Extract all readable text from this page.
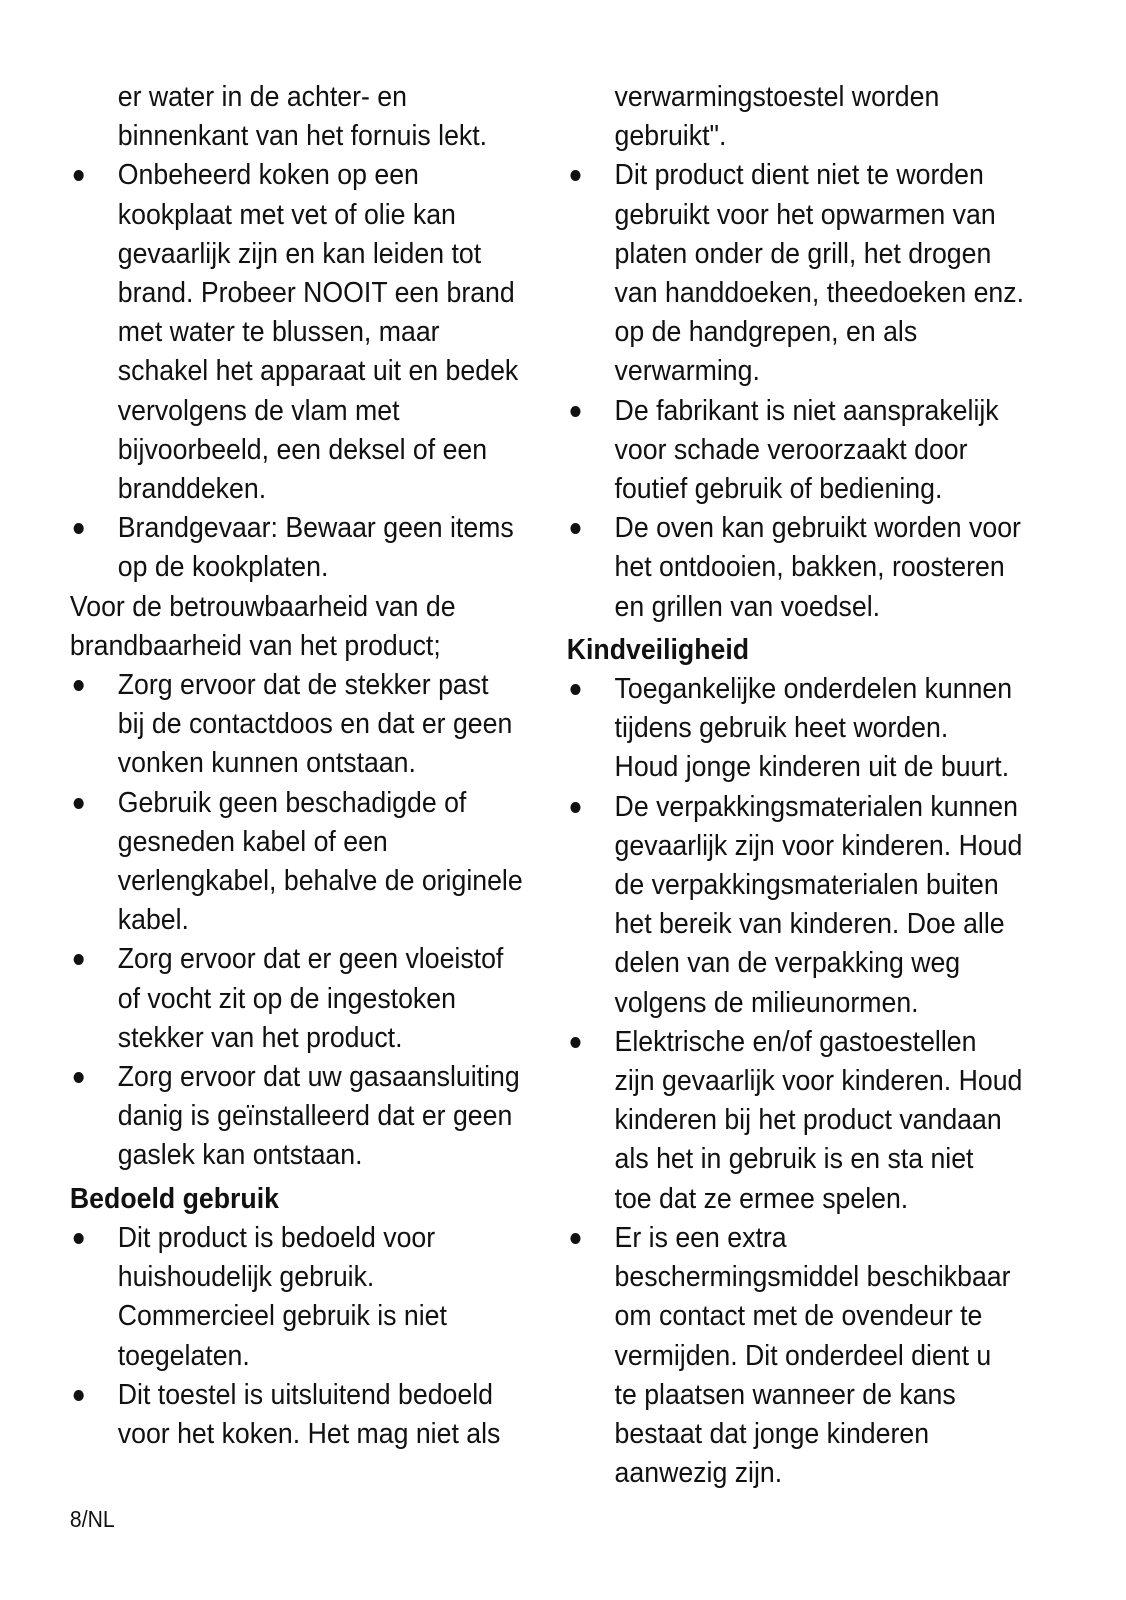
er water in de achter- en
binnenkant van het fornuis lekt.
Onbeheerd koken op een
kookplaat met vet of olie kan
gevaarlijk zijn en kan leiden tot
brand. Probeer NOOIT een brand
met water te blussen, maar
schakel het apparaat uit en bedek
vervolgens de vlam met
bijvoorbeeld, een deksel of een
branddeken.
Brandgevaar: Bewaar geen items
op de kookplaten.
Voor de betrouwbaarheid van de
brandbaarheid van het product;
Zorg ervoor dat de stekker past
bij de contactdoos en dat er geen
vonken kunnen ontstaan.
Gebruik geen beschadigde of
gesneden kabel of een
verlengkabel, behalve de originele
kabel.
Zorg ervoor dat er geen vloeistof
of vocht zit op de ingestoken
stekker van het product.
Zorg ervoor dat uw gasaansluiting
danig is geïnstalleerd dat er geen
gaslek kan ontstaan.
Bedoeld gebruik
Dit product is bedoeld voor
huishoudelijk gebruik.
Commercieel gebruik is niet
toegelaten.
Dit toestel is uitsluitend bedoeld
voor het koken. Het mag niet als
verwarmingstoestel worden
gebruikt".
Dit product dient niet te worden
gebruikt voor het opwarmen van
platen onder de grill, het drogen
van handdoeken, theedoeken enz.
op de handgrepen, en als
verwarming.
De fabrikant is niet aansprakelijk
voor schade veroorzaakt door
foutief gebruik of bediening.
De oven kan gebruikt worden voor
het ontdooien, bakken, roosteren
en grillen van voedsel.
Kindveiligheid
Toegankelijke onderdelen kunnen
tijdens gebruik heet worden.
Houd jonge kinderen uit de buurt.
De verpakkingsmaterialen kunnen
gevaarlijk zijn voor kinderen. Houd
de verpakkingsmaterialen buiten
het bereik van kinderen. Doe alle
delen van de verpakking weg
volgens de milieunormen.
Elektrische en/of gastoestellen
zijn gevaarlijk voor kinderen. Houd
kinderen bij het product vandaan
als het in gebruik is en sta niet
toe dat ze ermee spelen.
Er is een extra
beschermingsmiddel beschikbaar
om contact met de ovendeur te
vermijden. Dit onderdeel dient u
te plaatsen wanneer de kans
bestaat dat jonge kinderen
aanwezig zijn.
8/NL
